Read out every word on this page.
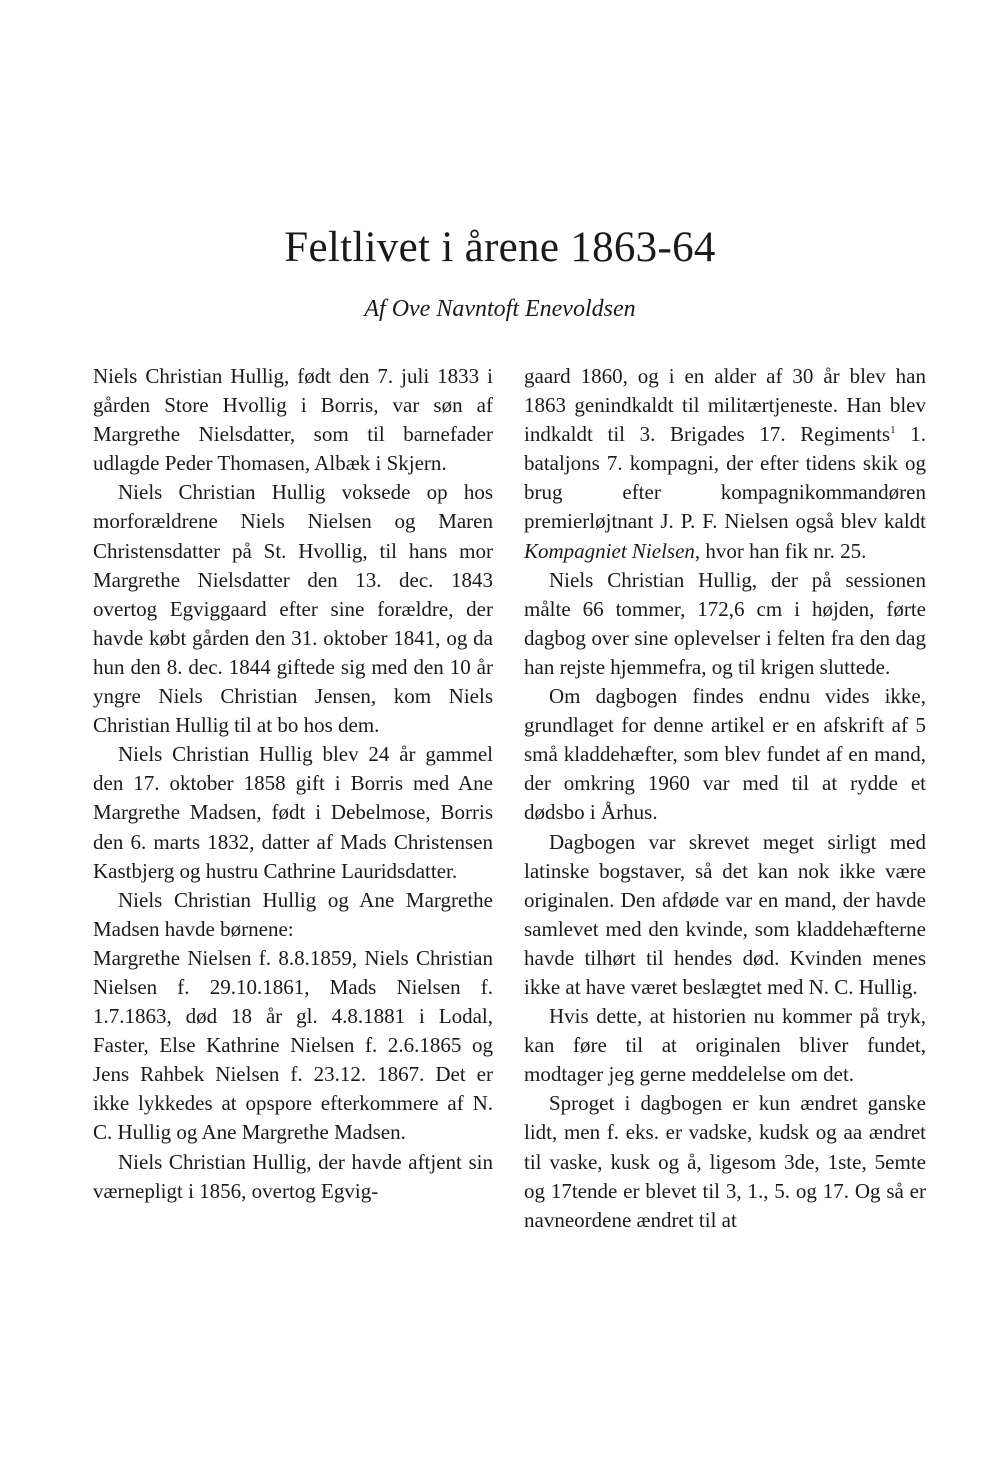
Feltlivet i årene 1863-64
Af Ove Navntoft Enevoldsen

Niels Christian Hullig, født den 7. juli 1833 i gården Store Hvollig i Borris, var søn af Margrethe Nielsdatter, som til barnefader udlagde Peder Thomasen, Albæk i Skjern.

Niels Christian Hullig voksede op hos morforældrene Niels Nielsen og Maren Christensdatter på St. Hvollig, til hans mor Margrethe Nielsdatter den 13. dec. 1843 overtog Egviggaard efter sine forældre, der havde købt gården den 31. oktober 1841, og da hun den 8. dec. 1844 giftede sig med den 10 år yngre Niels Christian Jensen, kom Niels Christian Hullig til at bo hos dem.

Niels Christian Hullig blev 24 år gammel den 17. oktober 1858 gift i Borris med Ane Margrethe Madsen, født i Debelmose, Borris den 6. marts 1832, datter af Mads Christensen Kastbjerg og hustru Cathrine Lauridsdatter.

Niels Christian Hullig og Ane Margrethe Madsen havde børnene:

Margrethe Nielsen f. 8.8.1859, Niels Christian Nielsen f. 29.10.1861, Mads Nielsen f. 1.7.1863, død 18 år gl. 4.8.1881 i Lodal, Faster, Else Kathrine Nielsen f. 2.6.1865 og Jens Rahbek Nielsen f. 23.12. 1867. Det er ikke lykkedes at opspore efterkommere af N. C. Hullig og Ane Margrethe Madsen.

Niels Christian Hullig, der havde aftjent sin værnepligt i 1856, overtog Egvig-

gaard 1860, og i en alder af 30 år blev han 1863 genindkaldt til militærtjeneste. Han blev indkaldt til 3. Brigades 17. Regiments$^1$ 1. bataljons 7. kompagni, der efter tidens skik og brug efter kompagnikommandøren premierløjtnant J. P. F. Nielsen også blev kaldt Kompagniet Nielsen, hvor han fik nr. 25.

Niels Christian Hullig, der på sessionen målte 66 tommer, 172,6 cm i højden, førte dagbog over sine oplevelser i felten fra den dag han rejste hjemmefra, og til krigen sluttede.

Om dagbogen findes endnu vides ikke, grundlaget for denne artikel er en afskrift af 5 små kladdehæfter, som blev fundet af en mand, der omkring 1960 var med til at rydde et dødsbo i Århus.

Dagbogen var skrevet meget sirligt med latinske bogstaver, så det kan nok ikke være originalen. Den afdøde var en mand, der havde samlevet med den kvinde, som kladdehæfterne havde tilhørt til hendes død. Kvinden menes ikke at have været beslægtet med N. C. Hullig.

Hvis dette, at historien nu kommer på tryk, kan føre til at originalen bliver fundet, modtager jeg gerne meddelelse om det.

Sproget i dagbogen er kun ændret ganske lidt, men f. eks. er vadske, kudsk og aa ændret til vaske, kusk og å, ligesom 3de, 1ste, 5emte og 17tende er blevet til 3, 1., 5. og 17. Og så er navneordene ændret til at
